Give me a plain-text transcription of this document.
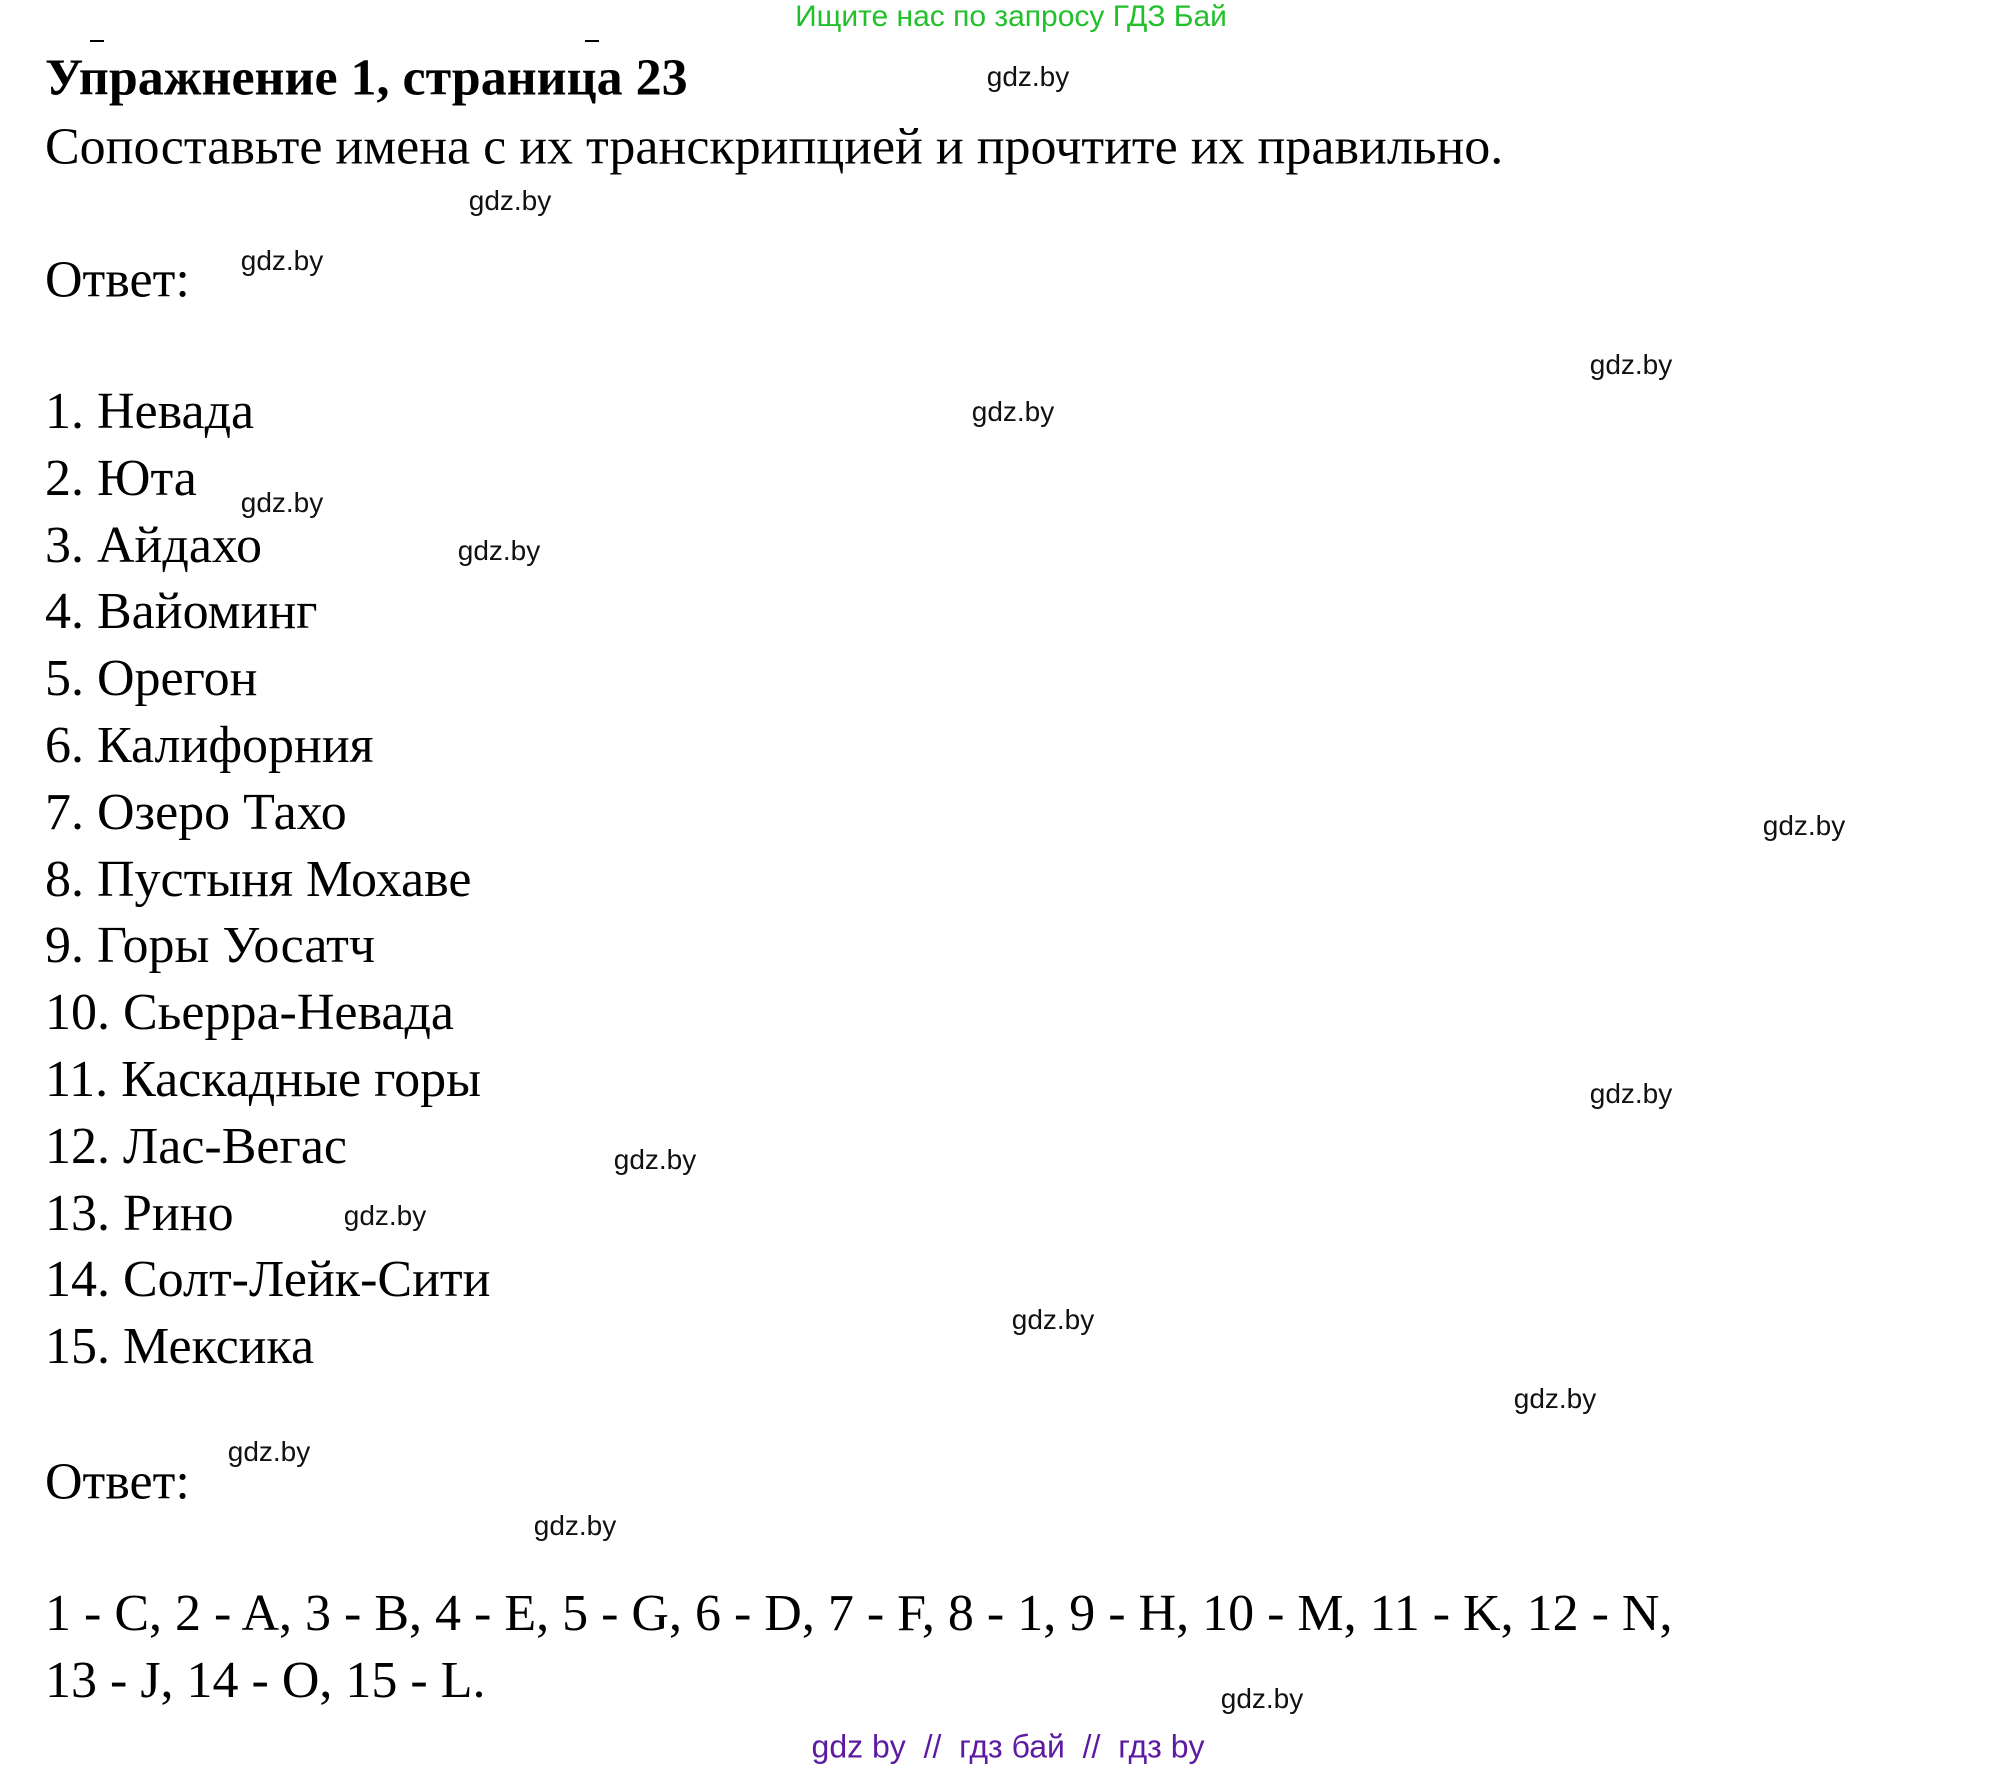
Ищите нас по запросу ГДЗ Бай
Упражнение 1, страница 23
Сопоставьте имена с их транскрипцией и прочтите их правильно.
Ответ:
1. Невада
2. Юта
3. Айдахо
4. Вайоминг
5. Орегон
6. Калифорния
7. Озеро Тахо
8. Пустыня Мохаве
9. Горы Уосатч
10. Сьерра-Невада
11. Каскадные горы
12. Лас-Вегас
13. Рино
14. Солт-Лейк-Сити
15. Мексика
Ответ:
1 - C, 2 - A, 3 - B, 4 - E, 5 - G, 6 - D, 7 - F, 8 - 1, 9 - H, 10 - M, 11 - K, 12 - N,
13 - J, 14 - O, 15 - L.
gdz.by
gdz.by
gdz.by
gdz.by
gdz.by
gdz.by
gdz.by
gdz.by
gdz.by
gdz.by
gdz.by
gdz.by
gdz.by
gdz.by
gdz.by
gdz.by
gdz by  //  гдз бай  //  гдз by
